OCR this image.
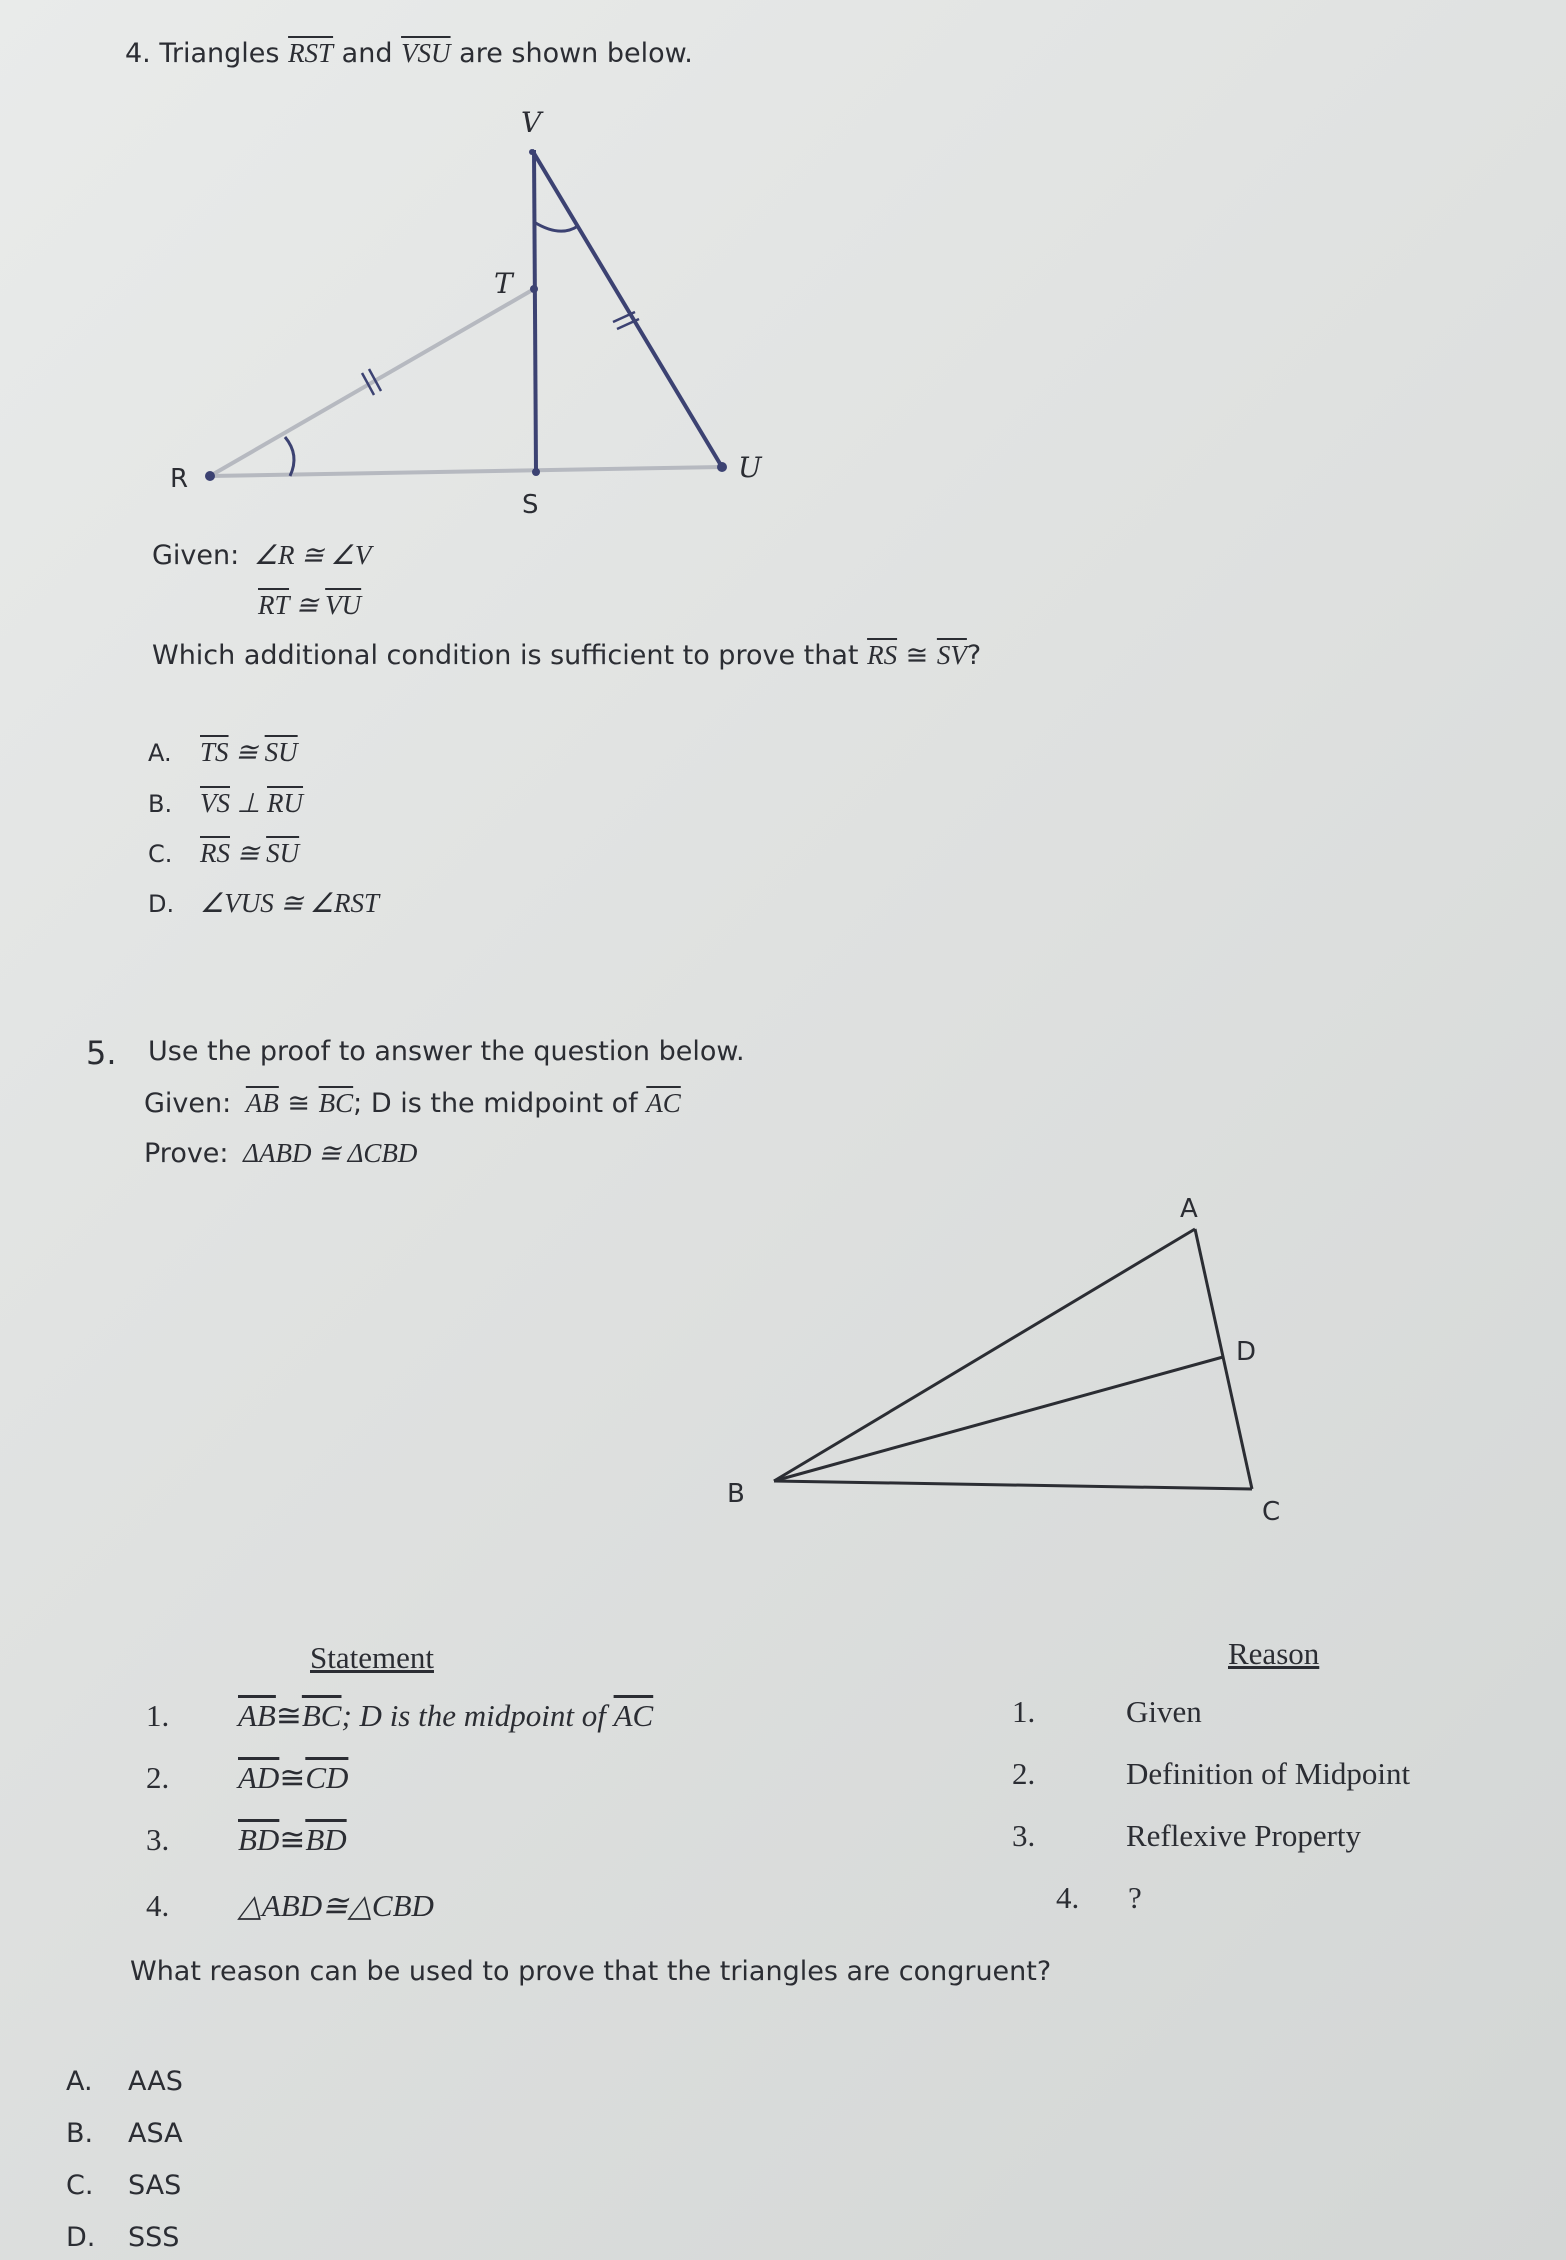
4. Triangles $\overline{RST}$ and $\overline{VSU}$ are shown below.
V
T
R
S
U
Given: ∠R ≅ ∠V
$\overline{RT}$ ≅ $\overline{VU}$
Which additional condition is sufficient to prove that $\overline{RS}$ ≅ $\overline{SV}$?
A. $\overline{TS}$ ≅ $\overline{SU}$
B. $\overline{VS}$ ⊥ $\overline{RU}$
C. $\overline{RS}$ ≅ $\overline{SU}$
D. ∠VUS ≅ ∠RST
5. Use the proof to answer the question below.
Given: $\overline{AB}$ ≅ $\overline{BC}$; D is the midpoint of $\overline{AC}$
Prove: ΔABD ≅ ΔCBD
A
D
B
C
Statement	Reason
1. $\overline{AB}≅\overline{BC}$; D is the midpoint of $\overline{AC}$	1.	Given
2. $\overline{AD}≅\overline{CD}$	2.	Definition of Midpoint
3. $\overline{BD}≅\overline{BD}$	3.	Reflexive Property
4. △ABD≅△CBD	4. ?
What reason can be used to prove that the triangles are congruent?
A. AAS
B. ASA
C. SAS
D. SSS
